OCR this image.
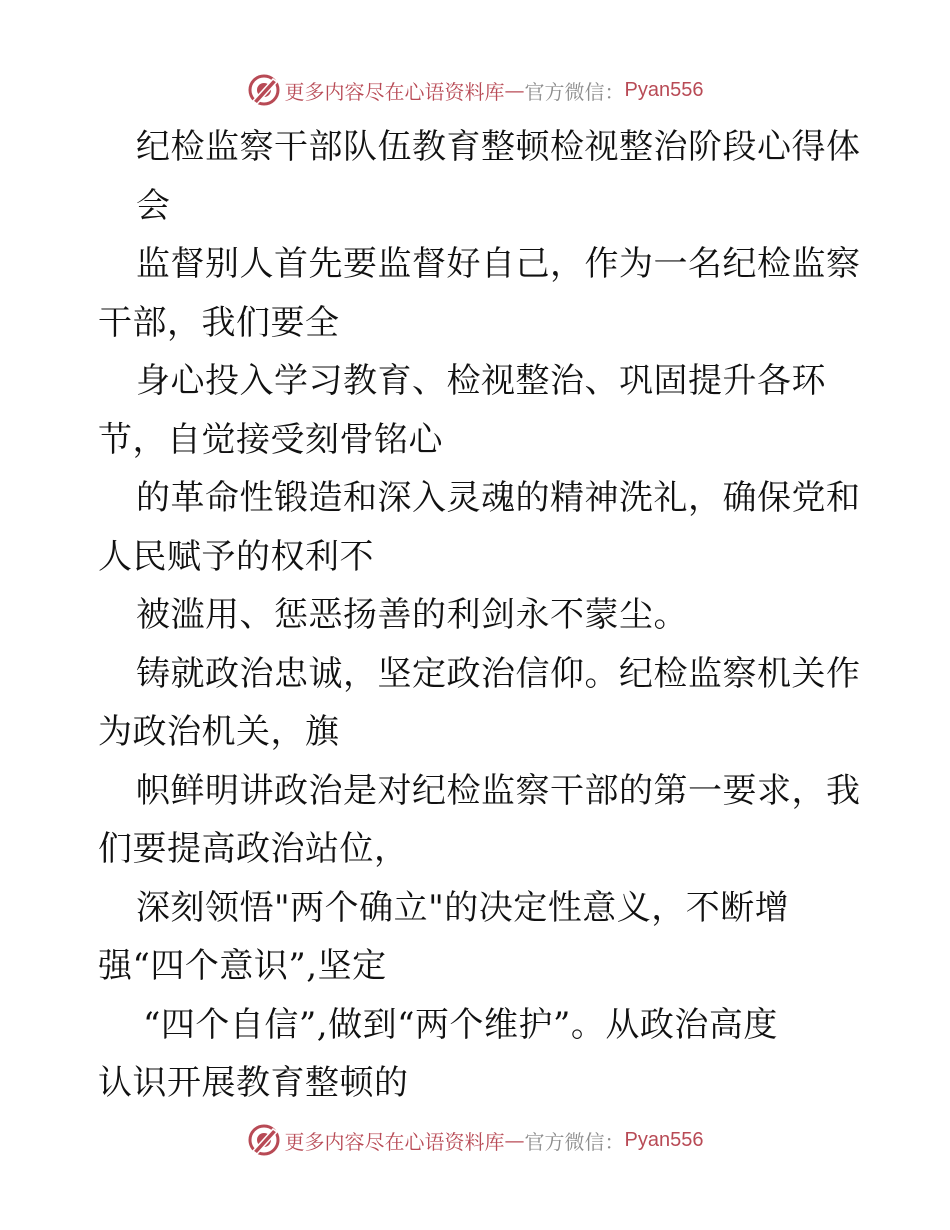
更多内容尽在心语资料库 — 官方微信： Pyan556
纪检监察干部队伍教育整顿检视整治阶段心得体
会
监督别人首先要监督好自己，作为一名纪检监察
干部，我们要全
身心投入学习教育、检视整治、巩固提升各环
节，自觉接受刻骨铭心
的革命性锻造和深入灵魂的精神洗礼，确保党和
人民赋予的权利不
被滥用、惩恶扬善的利剑永不蒙尘。
铸就政治忠诚，坚定政治信仰。纪检监察机关作
为政治机关，旗
帜鲜明讲政治是对纪检监察干部的第一要求，我
们要提高政治站位，
深刻领悟"两个确立"的决定性意义，不断增
强“四个意识”,坚定
“四个自信”,做到“两个维护”。从政治高度
认识开展教育整顿的
更多内容尽在心语资料库 — 官方微信： Pyan556
